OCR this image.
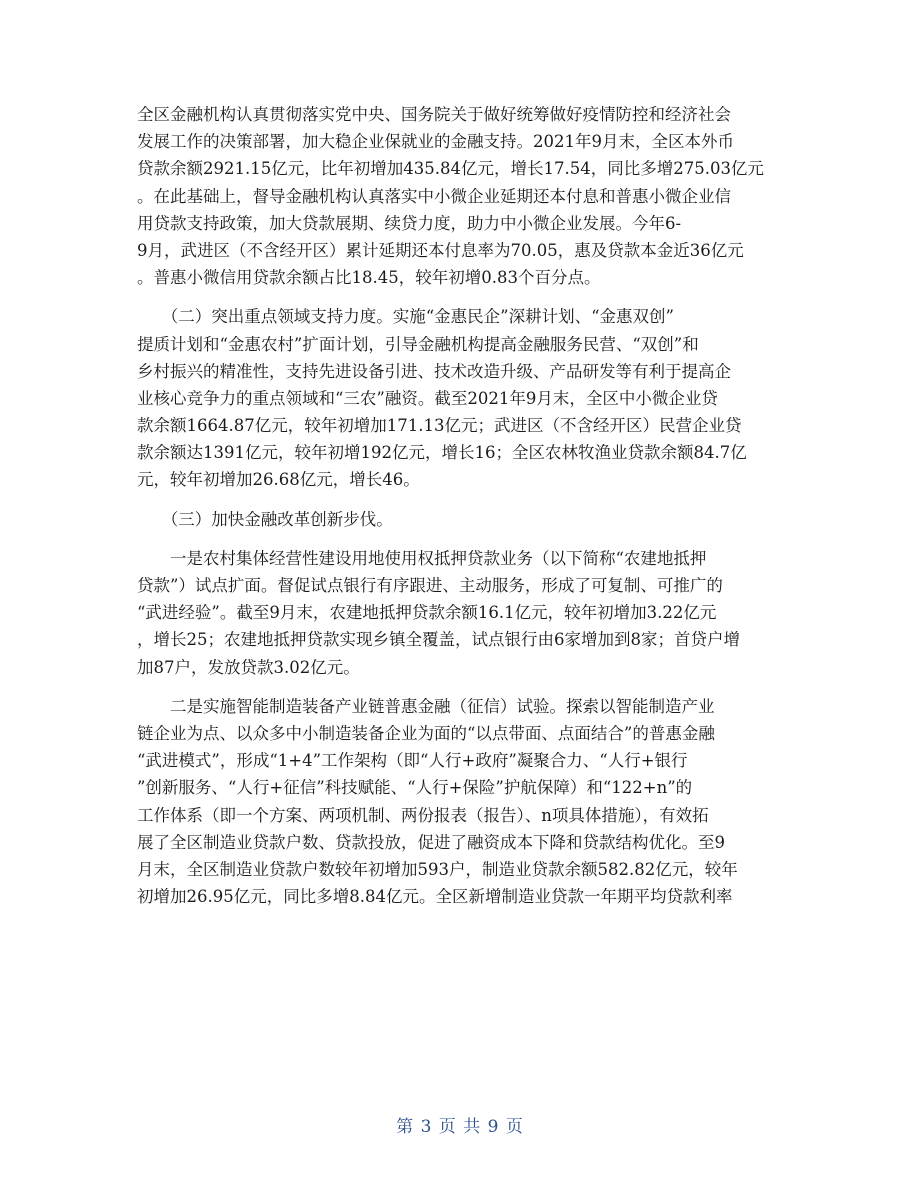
全区金融机构认真贯彻落实党中央、国务院关于做好统筹做好疫情防控和经济社会
发展工作的决策部署，加大稳企业保就业的金融支持。2021年9月末，全区本外币
贷款余额2921.15亿元，比年初增加435.84亿元，增长17.54，同比多增275.03亿元
。在此基础上，督导金融机构认真落实中小微企业延期还本付息和普惠小微企业信
用贷款支持政策，加大贷款展期、续贷力度，助力中小微企业发展。今年6-
9月，武进区（不含经开区）累计延期还本付息率为70.05，惠及贷款本金近36亿元
。普惠小微信用贷款余额占比18.45，较年初增0.83个百分点。
　　（二）突出重点领域支持力度。实施“金惠民企”深耕计划、“金惠双创”
提质计划和“金惠农村”扩面计划，引导金融机构提高金融服务民营、“双创”和
乡村振兴的精准性，支持先进设备引进、技术改造升级、产品研发等有利于提高企
业核心竞争力的重点领域和“三农”融资。截至2021年9月末，全区中小微企业贷
款余额1664.87亿元，较年初增加171.13亿元；武进区（不含经开区）民营企业贷
款余额达1391亿元，较年初增192亿元，增长16；全区农林牧渔业贷款余额84.7亿
元，较年初增加26.68亿元，增长46。
　　（三）加快金融改革创新步伐。
　　一是农村集体经营性建设用地使用权抵押贷款业务（以下简称“农建地抵押
贷款”）试点扩面。督促试点银行有序跟进、主动服务，形成了可复制、可推广的
“武进经验”。截至9月末，农建地抵押贷款余额16.1亿元，较年初增加3.22亿元
，增长25；农建地抵押贷款实现乡镇全覆盖，试点银行由6家增加到8家；首贷户增
加87户，发放贷款3.02亿元。
　　二是实施智能制造装备产业链普惠金融（征信）试验。探索以智能制造产业
链企业为点、以众多中小制造装备企业为面的“以点带面、点面结合”的普惠金融
“武进模式”，形成“1+4”工作架构（即“人行+政府”凝聚合力、“人行+银行
”创新服务、“人行+征信”科技赋能、“人行+保险”护航保障）和“122+n”的
工作体系（即一个方案、两项机制、两份报表（报告）、n项具体措施），有效拓
展了全区制造业贷款户数、贷款投放，促进了融资成本下降和贷款结构优化。至9
月末，全区制造业贷款户数较年初增加593户，制造业贷款余额582.82亿元，较年
初增加26.95亿元，同比多增8.84亿元。全区新增制造业贷款一年期平均贷款利率
第 3 页 共 9 页
